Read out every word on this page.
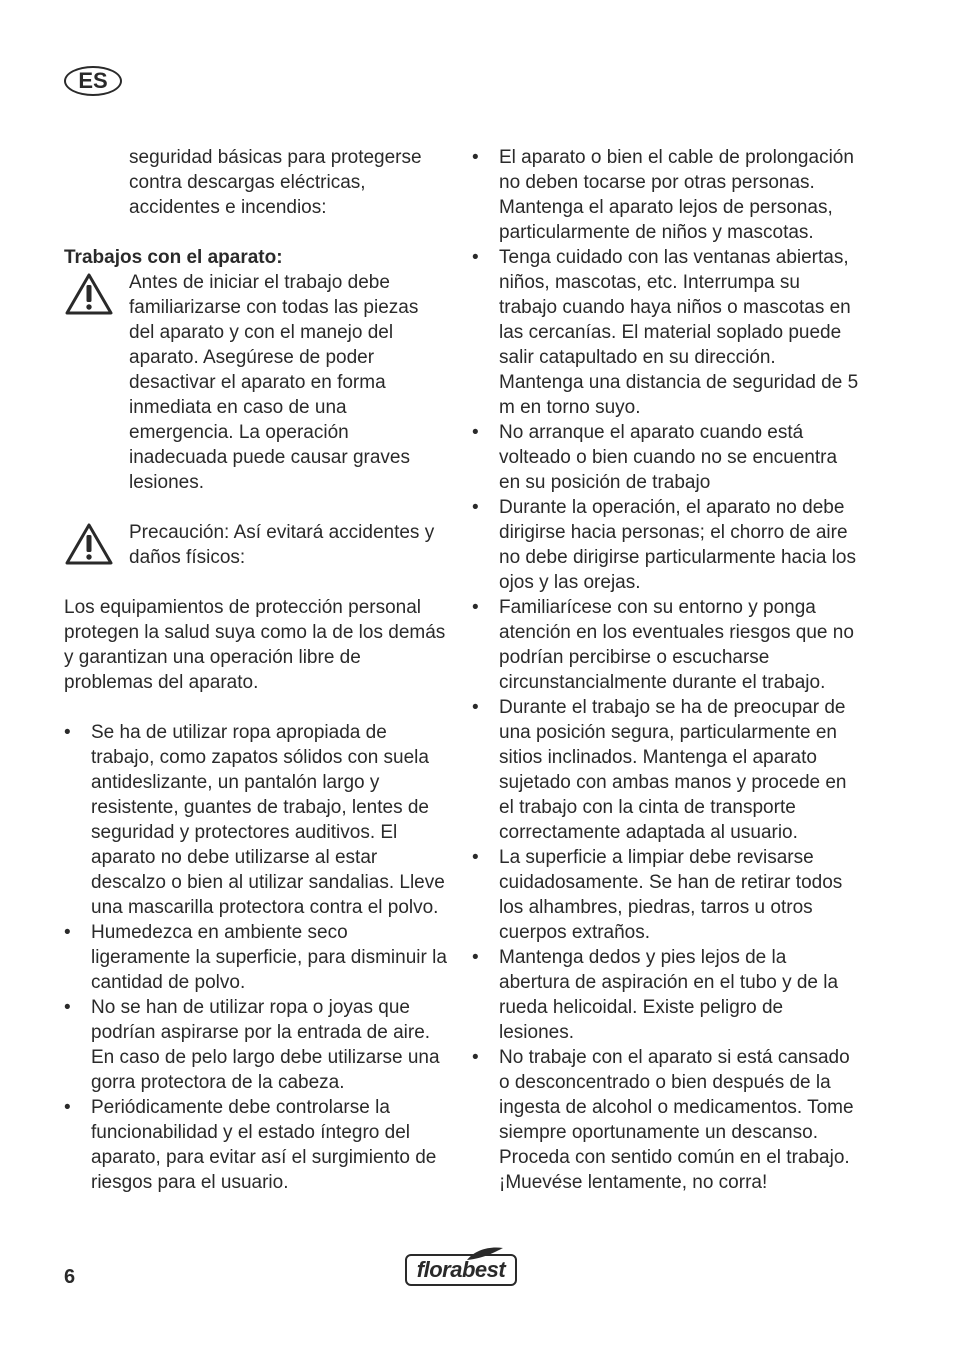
ES

seguridad básicas para protegerse contra descargas eléctricas, accidentes e incendios:

Trabajos con el aparato:

Antes de iniciar el trabajo debe familiarizarse con todas las piezas del aparato y con el manejo del aparato. Asegúrese de poder desactivar el aparato en forma inmediata en caso de una emergencia. La operación inadecuada puede causar graves lesiones.

Precaución: Así evitará accidentes y daños físicos:

Los equipamientos de protección personal protegen la salud suya como la de los demás y garantizan una operación libre de problemas del aparato.

• Se ha de utilizar ropa apropiada de trabajo, como zapatos sólidos con suela antideslizante, un pantalón largo y resistente, guantes de trabajo, lentes de seguridad y protectores auditivos. El aparato no debe utilizarse al estar descalzo o bien al utilizar sandalias. Lleve una mascarilla protectora contra el polvo.
• Humedezca en ambiente seco ligeramente la superficie, para disminuir la cantidad de polvo.
• No se han de utilizar ropa o joyas que podrían aspirarse por la entrada de aire. En caso de pelo largo debe utilizarse una gorra protectora de la cabeza.
• Periódicamente debe controlarse la funcionabilidad y el estado íntegro del aparato, para evitar así el surgimiento de riesgos para el usuario.
• El aparato o bien el cable de prolongación no deben tocarse por otras personas. Mantenga el aparato lejos de personas, particularmente de niños y mascotas.
• Tenga cuidado con las ventanas abiertas, niños, mascotas, etc. Interrumpa su trabajo cuando haya niños o mascotas en las cercanías. El material soplado puede salir catapultado en su dirección. Mantenga una distancia de seguridad de 5 m en torno suyo.
• No arranque el aparato cuando está volteado o bien cuando no se encuentra en su posición de trabajo
• Durante la operación, el aparato no debe dirigirse hacia personas; el chorro de aire no debe dirigirse particularmente hacia los ojos y las orejas.
• Familiarícese con su entorno y ponga atención en los eventuales riesgos que no podrían percibirse o escucharse circunstancialmente durante el trabajo.
• Durante el trabajo se ha de preocupar de una posición segura, particularmente en sitios inclinados. Mantenga el aparato sujetado con ambas manos y procede en el trabajo con la cinta de transporte correctamente adaptada al usuario.
• La superficie a limpiar debe revisarse cuidadosamente. Se han de retirar todos los alhambres, piedras, tarros u otros cuerpos extraños.
• Mantenga dedos y pies lejos de la abertura de aspiración en el tubo y de la rueda helicoidal. Existe peligro de lesiones.
• No trabaje con el aparato si está cansado o desconcentrado o bien después de la ingesta de alcohol o medicamentos. Tome siempre oportunamente un descanso. Proceda con sentido común en el trabajo. ¡Muevése lentamente, no corra!
6	florabest
